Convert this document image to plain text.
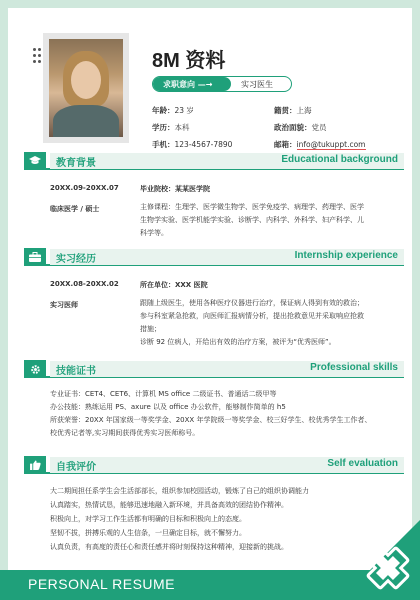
8M 资料
求职意向 —→	实习医生
年龄：23 岁	籍贯：上海
学历：本科	政治面貌：党员
手机：123-4567-7890	邮箱：info@tukuppt.com
教育背景	Educational background
20XX.09-20XX.07	毕业院校：某某医学院
临床医学 / 硕士	主修课程：生理学、医学微生物学、医学免疫学、病理学、药理学、医学
生物学实验、医学机能学实验、诊断学、内科学、外科学、妇产科学、儿
科学等。
实习经历	Internship experience
20XX.08-20XX.02	所在单位：XXX 医院
实习医师	跟随上级医生，使用各种医疗仪器进行治疗，保证病人得到有效的救治；
参与科室紧急抢救，向医师汇报病情分析，提出抢救意见并采取响应抢救
措施；
诊断 92 位病人，开给出有效的治疗方案，被评为“优秀医师”。
技能证书	Professional skills
专业证书：CET4、CET6、计算机 MS office 二级证书、普通话二级甲等
办公技能：熟练运用 PS、axure 以及 office 办公软件，能够制作简单的 h5
所获荣誉：20XX 年国家级一等奖学金、20XX 年学院级一等奖学金、校三好学生、校优秀学生工作者、
校优秀记者等,实习期间获得优秀实习医师称号。
自我评价	Self evaluation
大二期间担任系学生会生活部部长，组织参加校园活动，锻炼了自己的组织协调能力
认真踏实，热情试恳，能够迅速地融入新环境，并具备高效的团结协作精神。
积极向上，对学习工作生活都有明确的目标和积极向上的态度。
坚韧不拔，拼搏乐观的人生信条，一旦确定目标，就不懈努力。
认真负责，有高度的责任心和责任感并将时刻保持这种精神，迎接新的挑战。
PERSONAL RESUME
